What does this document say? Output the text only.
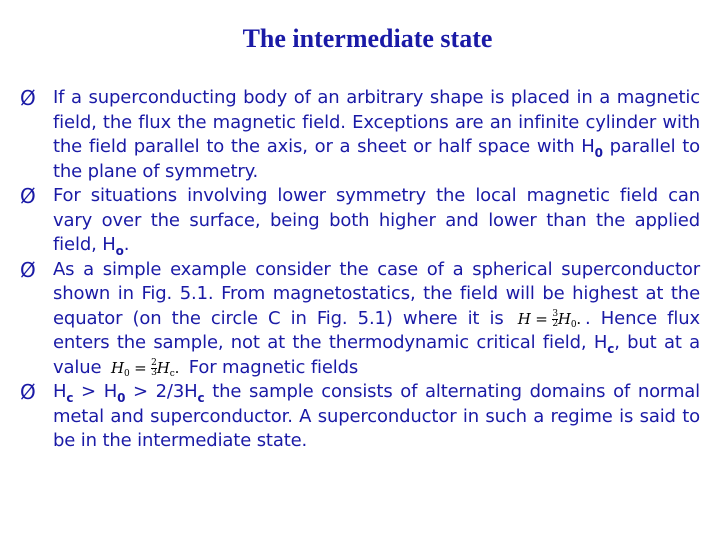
The intermediate state
Ø If a superconducting body of an arbitrary shape is placed in a magnetic field, the flux the magnetic field. Exceptions are an infinite cylinder with the field parallel to the axis, or a sheet or half space with $H_0$ parallel to the plane of symmetry.
Ø For situations involving lower symmetry the local magnetic field can vary over the surface, being both higher and lower than the applied field, $H_o$.
Ø As a simple example consider the case of a spherical superconductor shown in Fig. 5.1. From magnetostatics, the field will be highest at the equator (on the circle C in Fig. 5.1) where it is $H = \frac{3}{2} H_0$. . Hence flux enters the sample, not at the thermodynamic critical field, $H_c$, but at a value $H_0 = \frac{2}{3} H_c$. For magnetic fields
Ø $H_c > H_0 > 2/3H_c$ the sample consists of alternating domains of normal metal and superconductor. A superconductor in such a regime is said to be in the intermediate state.
